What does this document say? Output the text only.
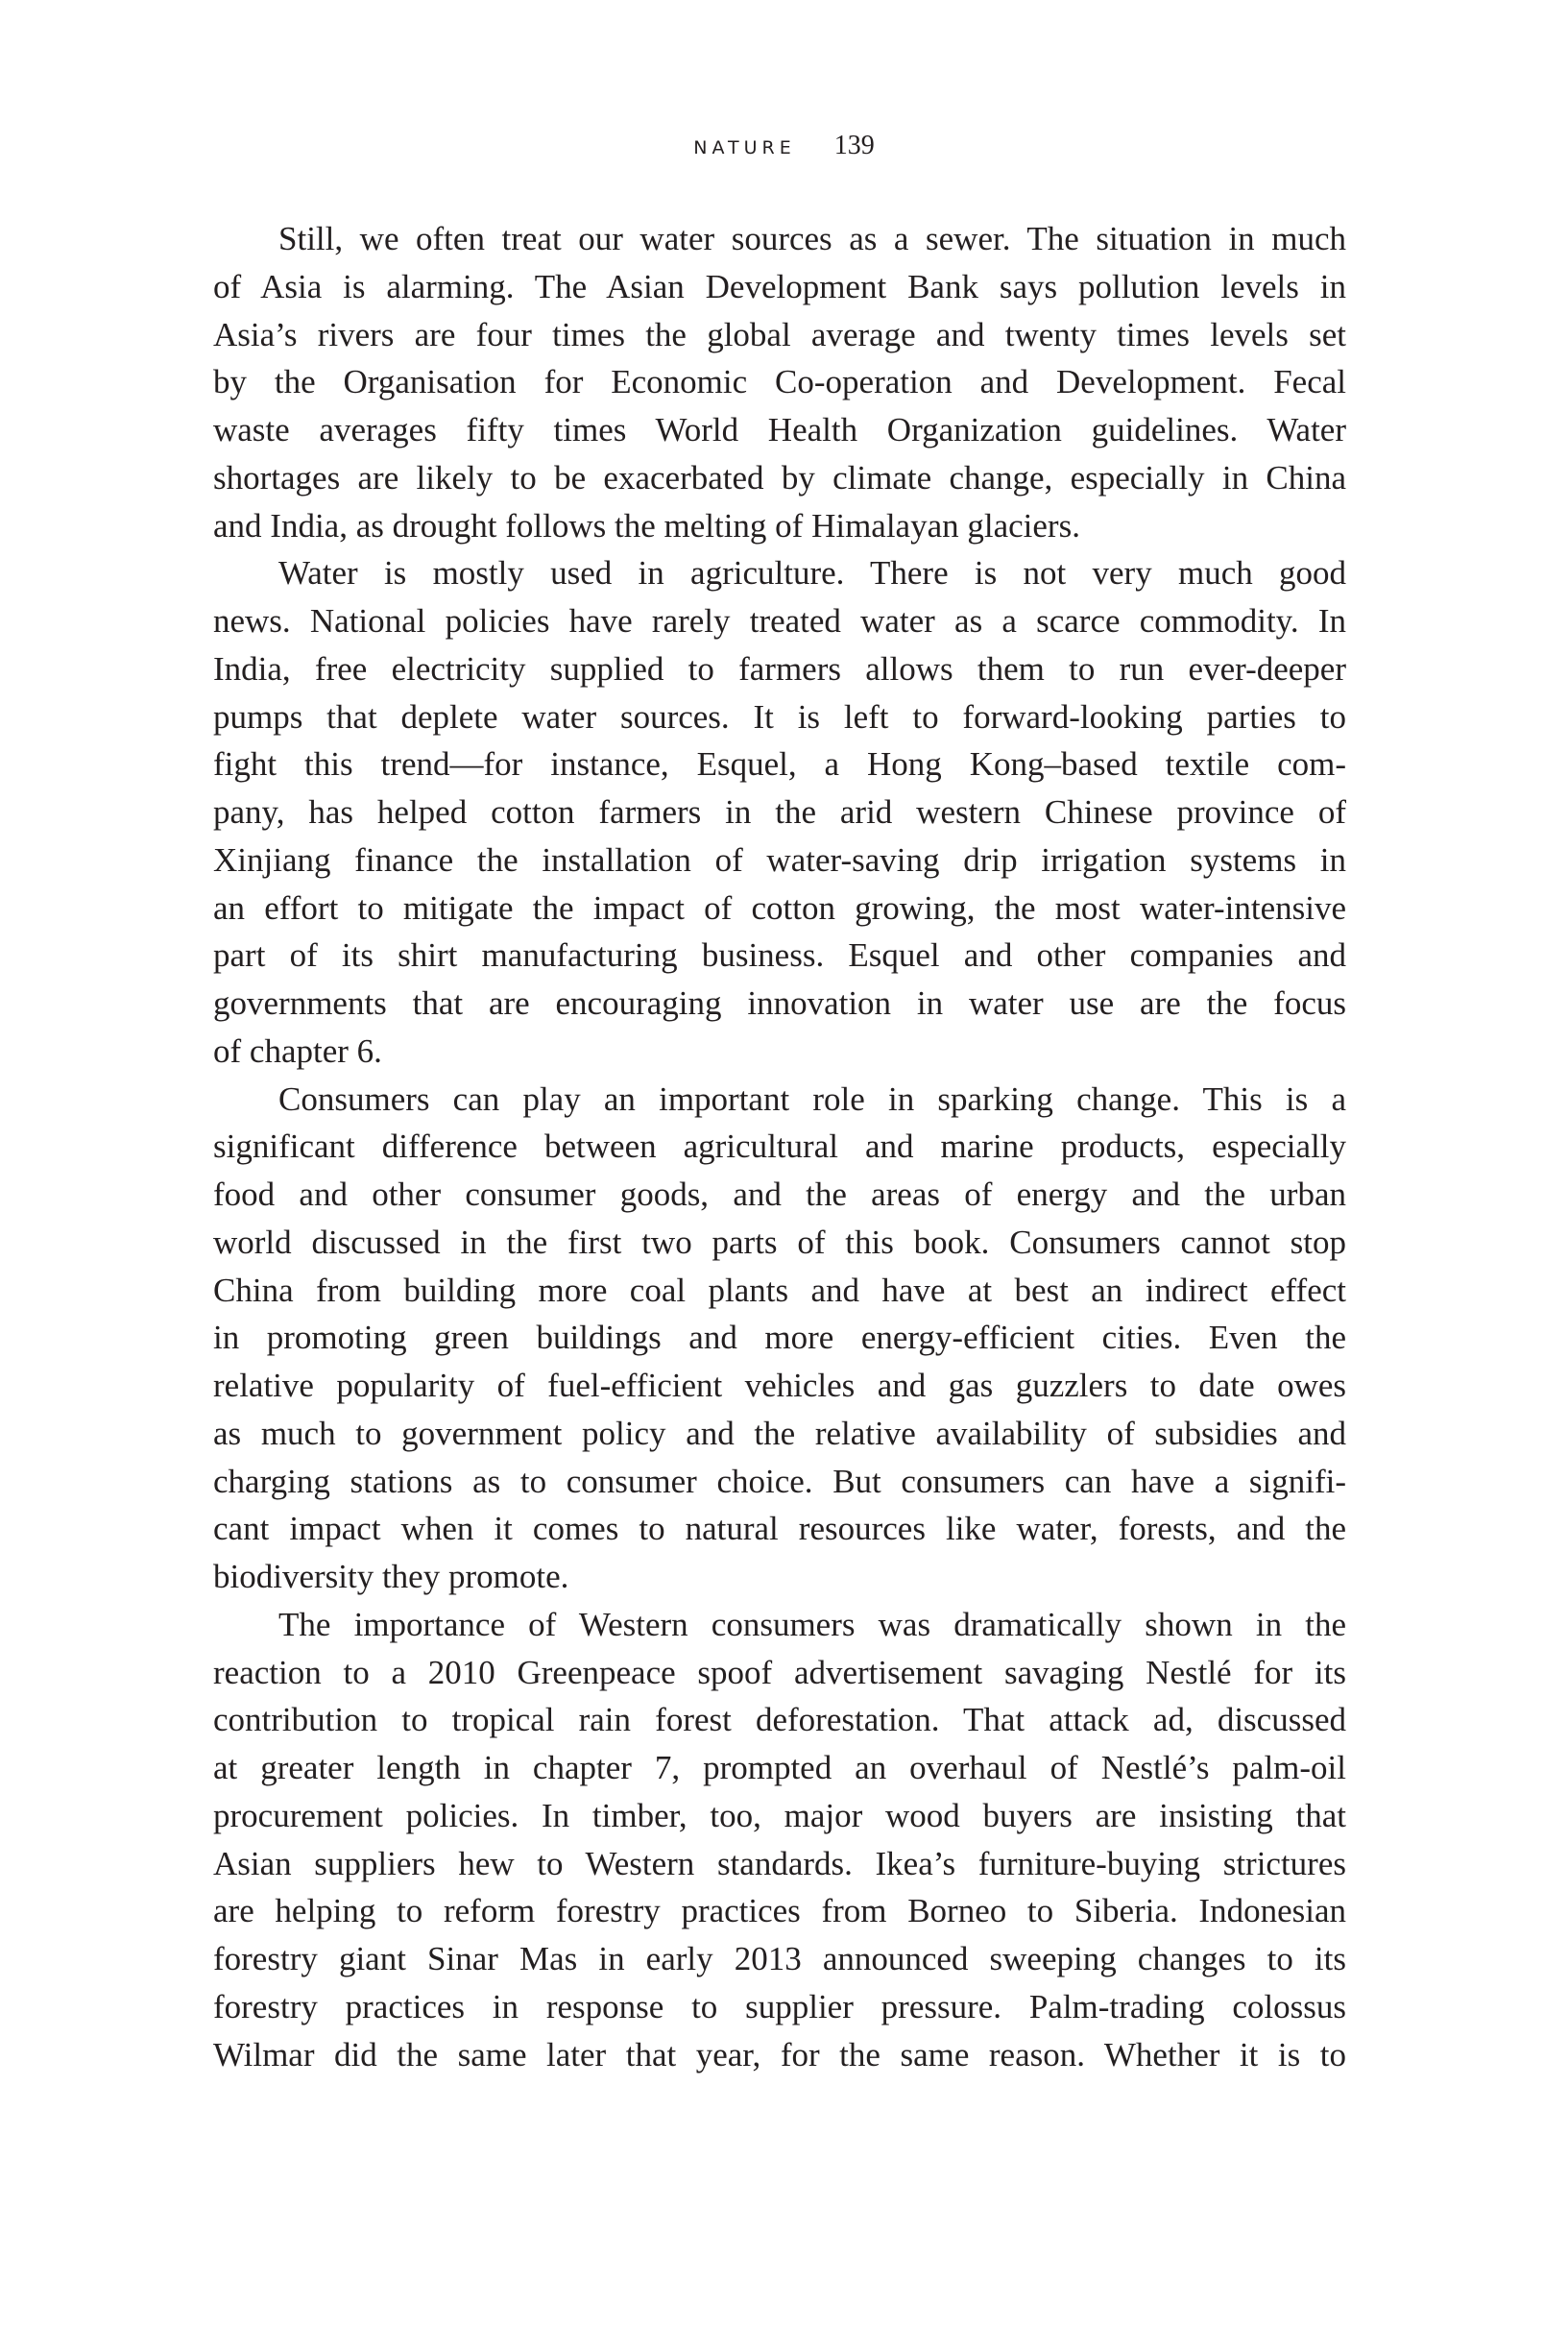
NATURE 139
Still, we often treat our water sources as a sewer. The situation in much
of Asia is alarming. The Asian Development Bank says pollution levels in
Asia’s rivers are four times the global average and twenty times levels set
by the Organisation for Economic Co-operation and Development. Fecal
waste averages fifty times World Health Organization guidelines. Water
shortages are likely to be exacerbated by climate change, especially in China
and India, as drought follows the melting of Himalayan glaciers.
Water is mostly used in agriculture. There is not very much good
news. National policies have rarely treated water as a scarce commodity. In
India, free electricity supplied to farmers allows them to run ever-deeper
pumps that deplete water sources. It is left to forward-looking parties to
fight this trend—for instance, Esquel, a Hong Kong–based textile com-
pany, has helped cotton farmers in the arid western Chinese province of
Xinjiang finance the installation of water-saving drip irrigation systems in
an effort to mitigate the impact of cotton growing, the most water-intensive
part of its shirt manufacturing business. Esquel and other companies and
governments that are encouraging innovation in water use are the focus
of chapter 6.
Consumers can play an important role in sparking change. This is a
significant difference between agricultural and marine products, especially
food and other consumer goods, and the areas of energy and the urban
world discussed in the first two parts of this book. Consumers cannot stop
China from building more coal plants and have at best an indirect effect
in promoting green buildings and more energy-efficient cities. Even the
relative popularity of fuel-efficient vehicles and gas guzzlers to date owes
as much to government policy and the relative availability of subsidies and
charging stations as to consumer choice. But consumers can have a signifi-
cant impact when it comes to natural resources like water, forests, and the
biodiversity they promote.
The importance of Western consumers was dramatically shown in the
reaction to a 2010 Greenpeace spoof advertisement savaging Nestlé for its
contribution to tropical rain forest deforestation. That attack ad, discussed
at greater length in chapter 7, prompted an overhaul of Nestlé’s palm-oil
procurement policies. In timber, too, major wood buyers are insisting that
Asian suppliers hew to Western standards. Ikea’s furniture-buying strictures
are helping to reform forestry practices from Borneo to Siberia. Indonesian
forestry giant Sinar Mas in early 2013 announced sweeping changes to its
forestry practices in response to supplier pressure. Palm-trading colossus
Wilmar did the same later that year, for the same reason. Whether it is to
